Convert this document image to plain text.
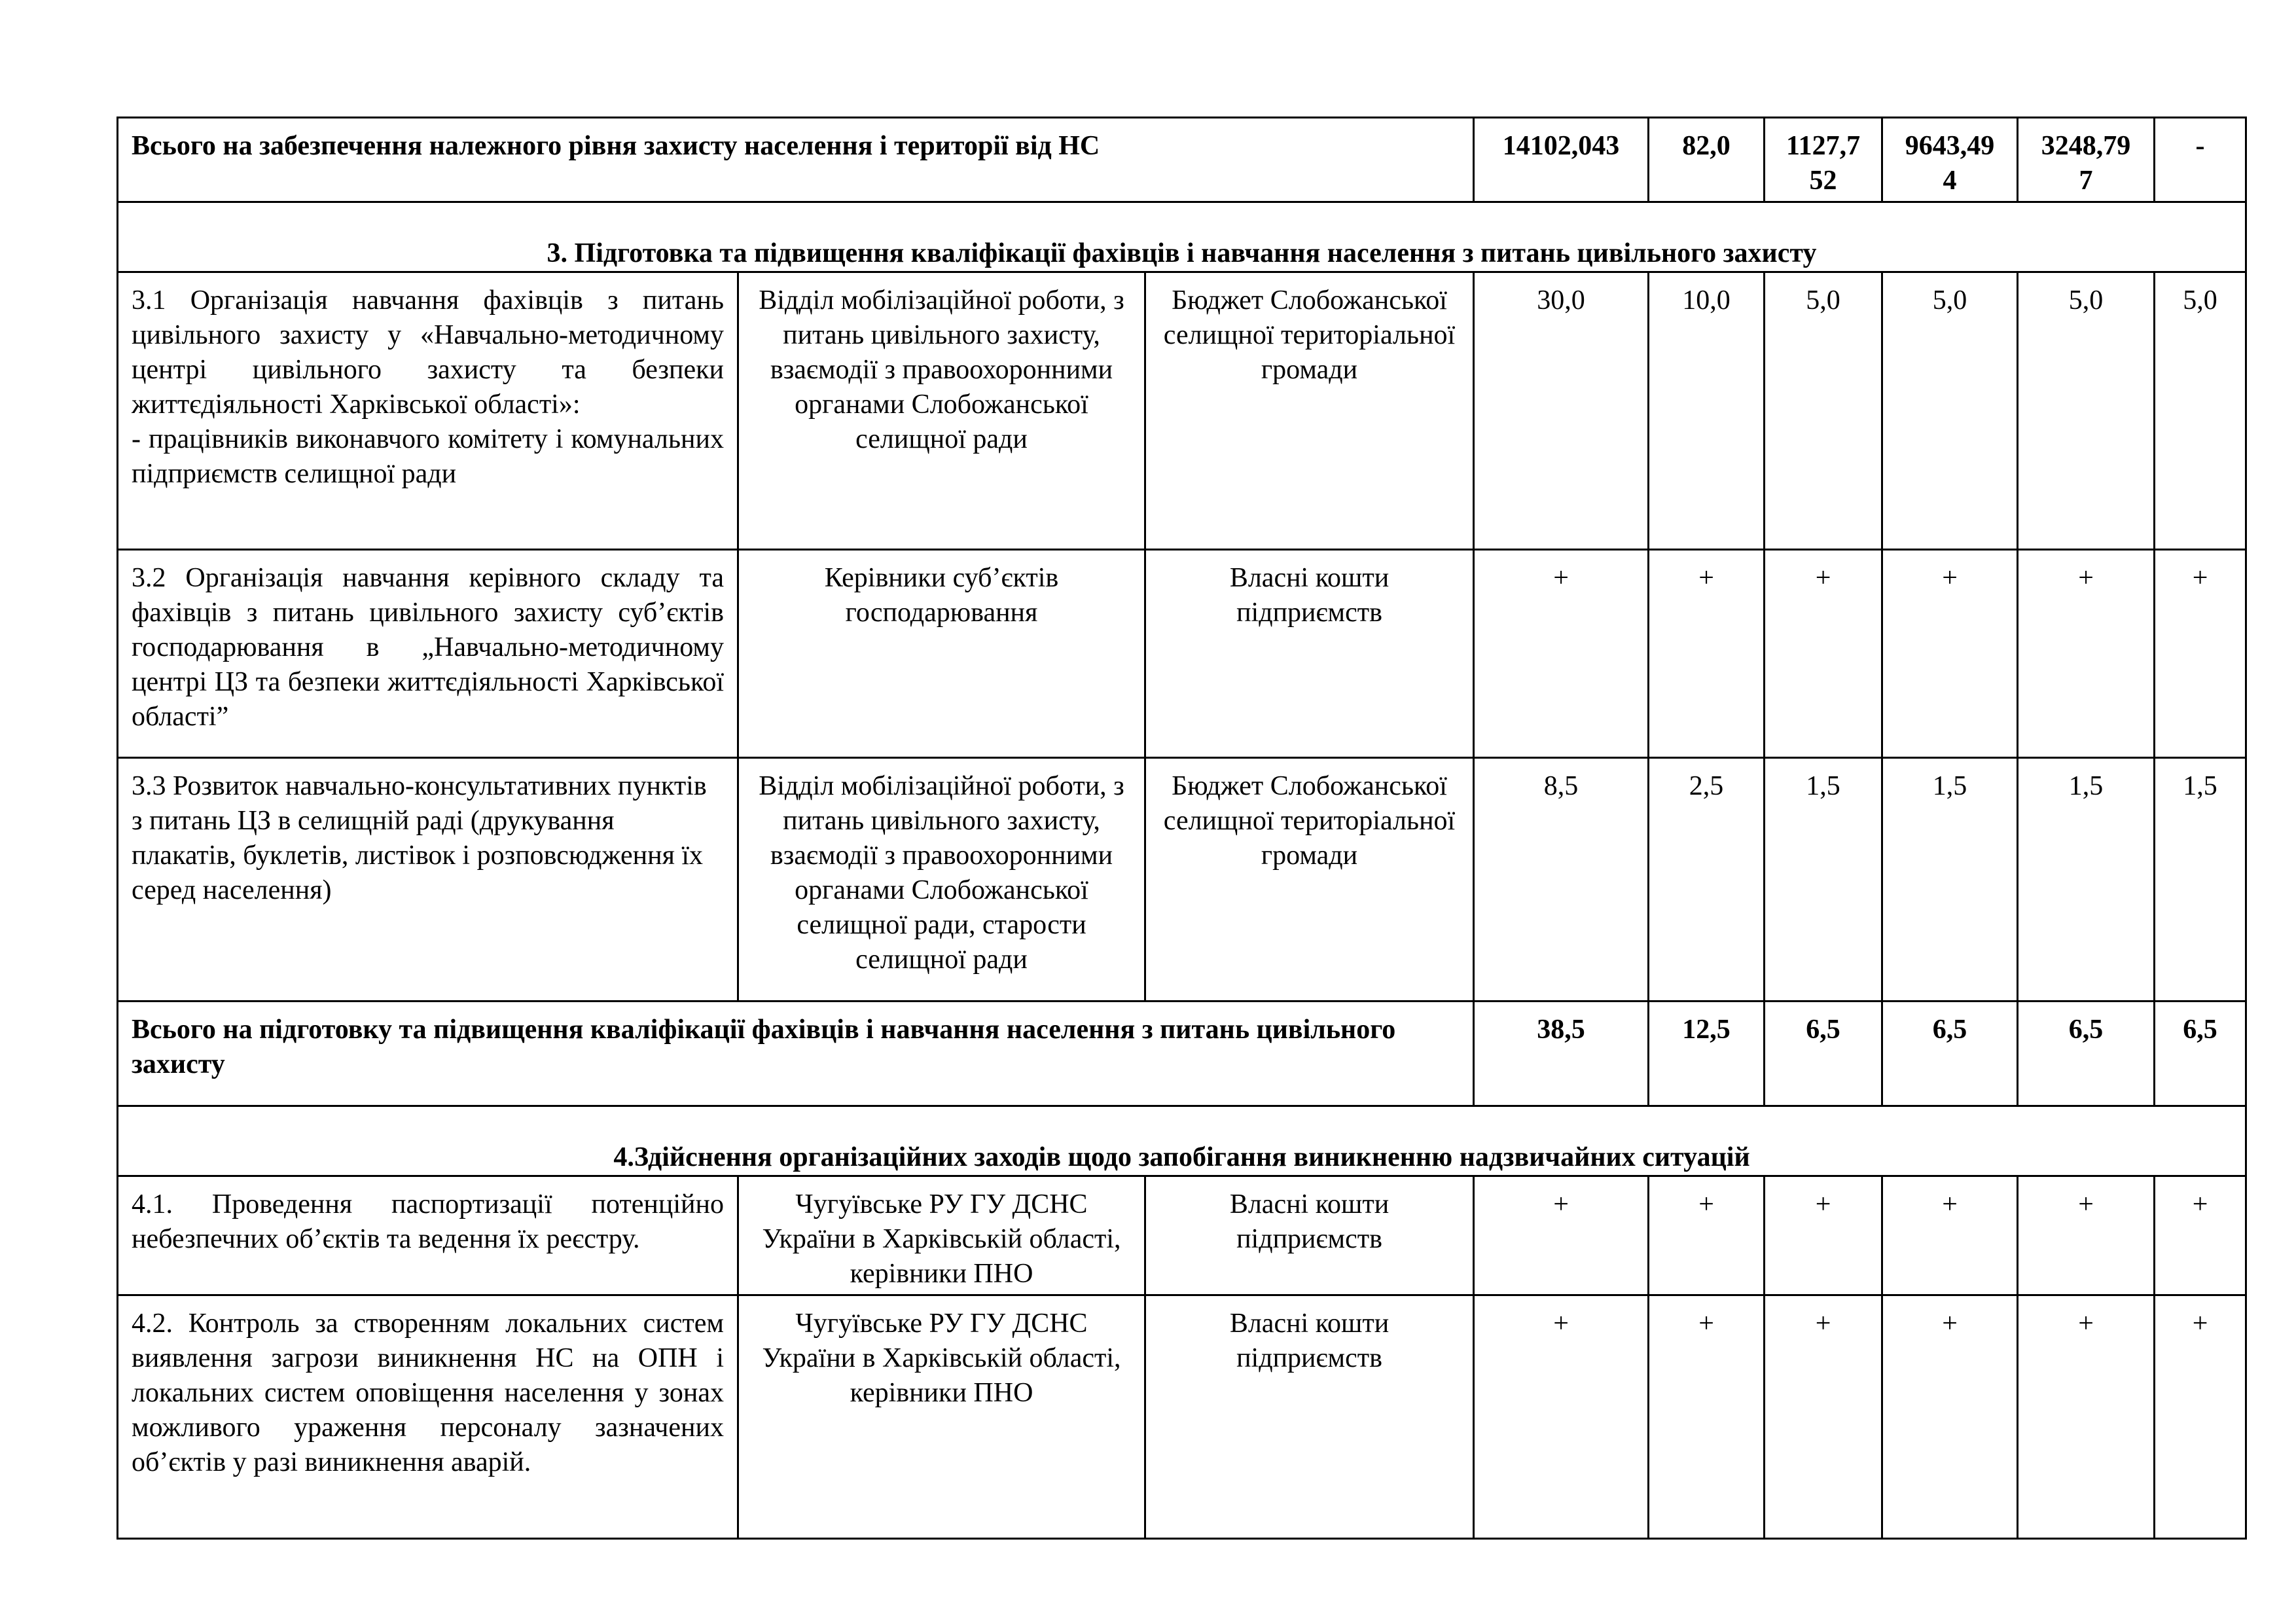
Всього на забезпечення належного рівня захисту населення і території від НС			14102,043	82,0	1127,7 52	9643,49 4	3248,79 7	-
3. Підготовка та підвищення кваліфікації фахівців і навчання населення з питань цивільного захисту								

3.1 Організація навчання фахівців з питань цивільного захисту у «Навчально-методичному центрі цивільного захисту та безпеки життєдіяльності Харківської області»:
- працівників виконавчого комітету і комунальних підприємств селищної ради	Відділ мобілізаційної роботи, з питань цивільного захисту, взаємодії з правоохоронними органами Слобожанської селищної ради	Бюджет Слобожанської селищної територіальної громади	30,0	10,0	5,0	5,0	5,0	5,0
3.2 Організація навчання керівного складу та фахівців з питань цивільного захисту суб’єктів господарювання в „Навчально-методичному центрі ЦЗ та безпеки життєдіяльності Харківської області”	Керівники суб’єктів господарювання	Власні кошти підприємств	+	+	+	+	+	+
3.3 Розвиток навчально-консультативних пунктів з питань ЦЗ в селищній раді (друкування плакатів, буклетів, листівок і розповсюдження їх серед населення)	Відділ мобілізаційної роботи, з питань цивільного захисту, взаємодії з правоохоронними органами Слобожанської селищної ради, старости селищної ради	Бюджет Слобожанської селищної територіальної громади	8,5	2,5	1,5	1,5	1,5	1,5
Всього на підготовку та підвищення кваліфікації фахівців і навчання населення з питань цивільного захисту			38,5	12,5	6,5	6,5	6,5	6,5
4.Здійснення організаційних заходів щодо запобігання виникненню надзвичайних ситуацій								
4.1. Проведення паспортизації потенційно небезпечних об’єктів та ведення їх реєстру.	Чугуївське РУ ГУ ДСНС України в Харківській області, керівники ПНО	Власні кошти підприємств	+	+	+	+	+	+
4.2. Контроль за створенням локальних систем виявлення загрози виникнення НС на ОПН і локальних систем оповіщення населення у зонах можливого ураження персоналу зазначених об’єктів у разі виникнення аварій.	Чугуївське РУ ГУ ДСНС України в Харківській області, керівники ПНО	Власні кошти підприємств	+	+	+	+	+	+
